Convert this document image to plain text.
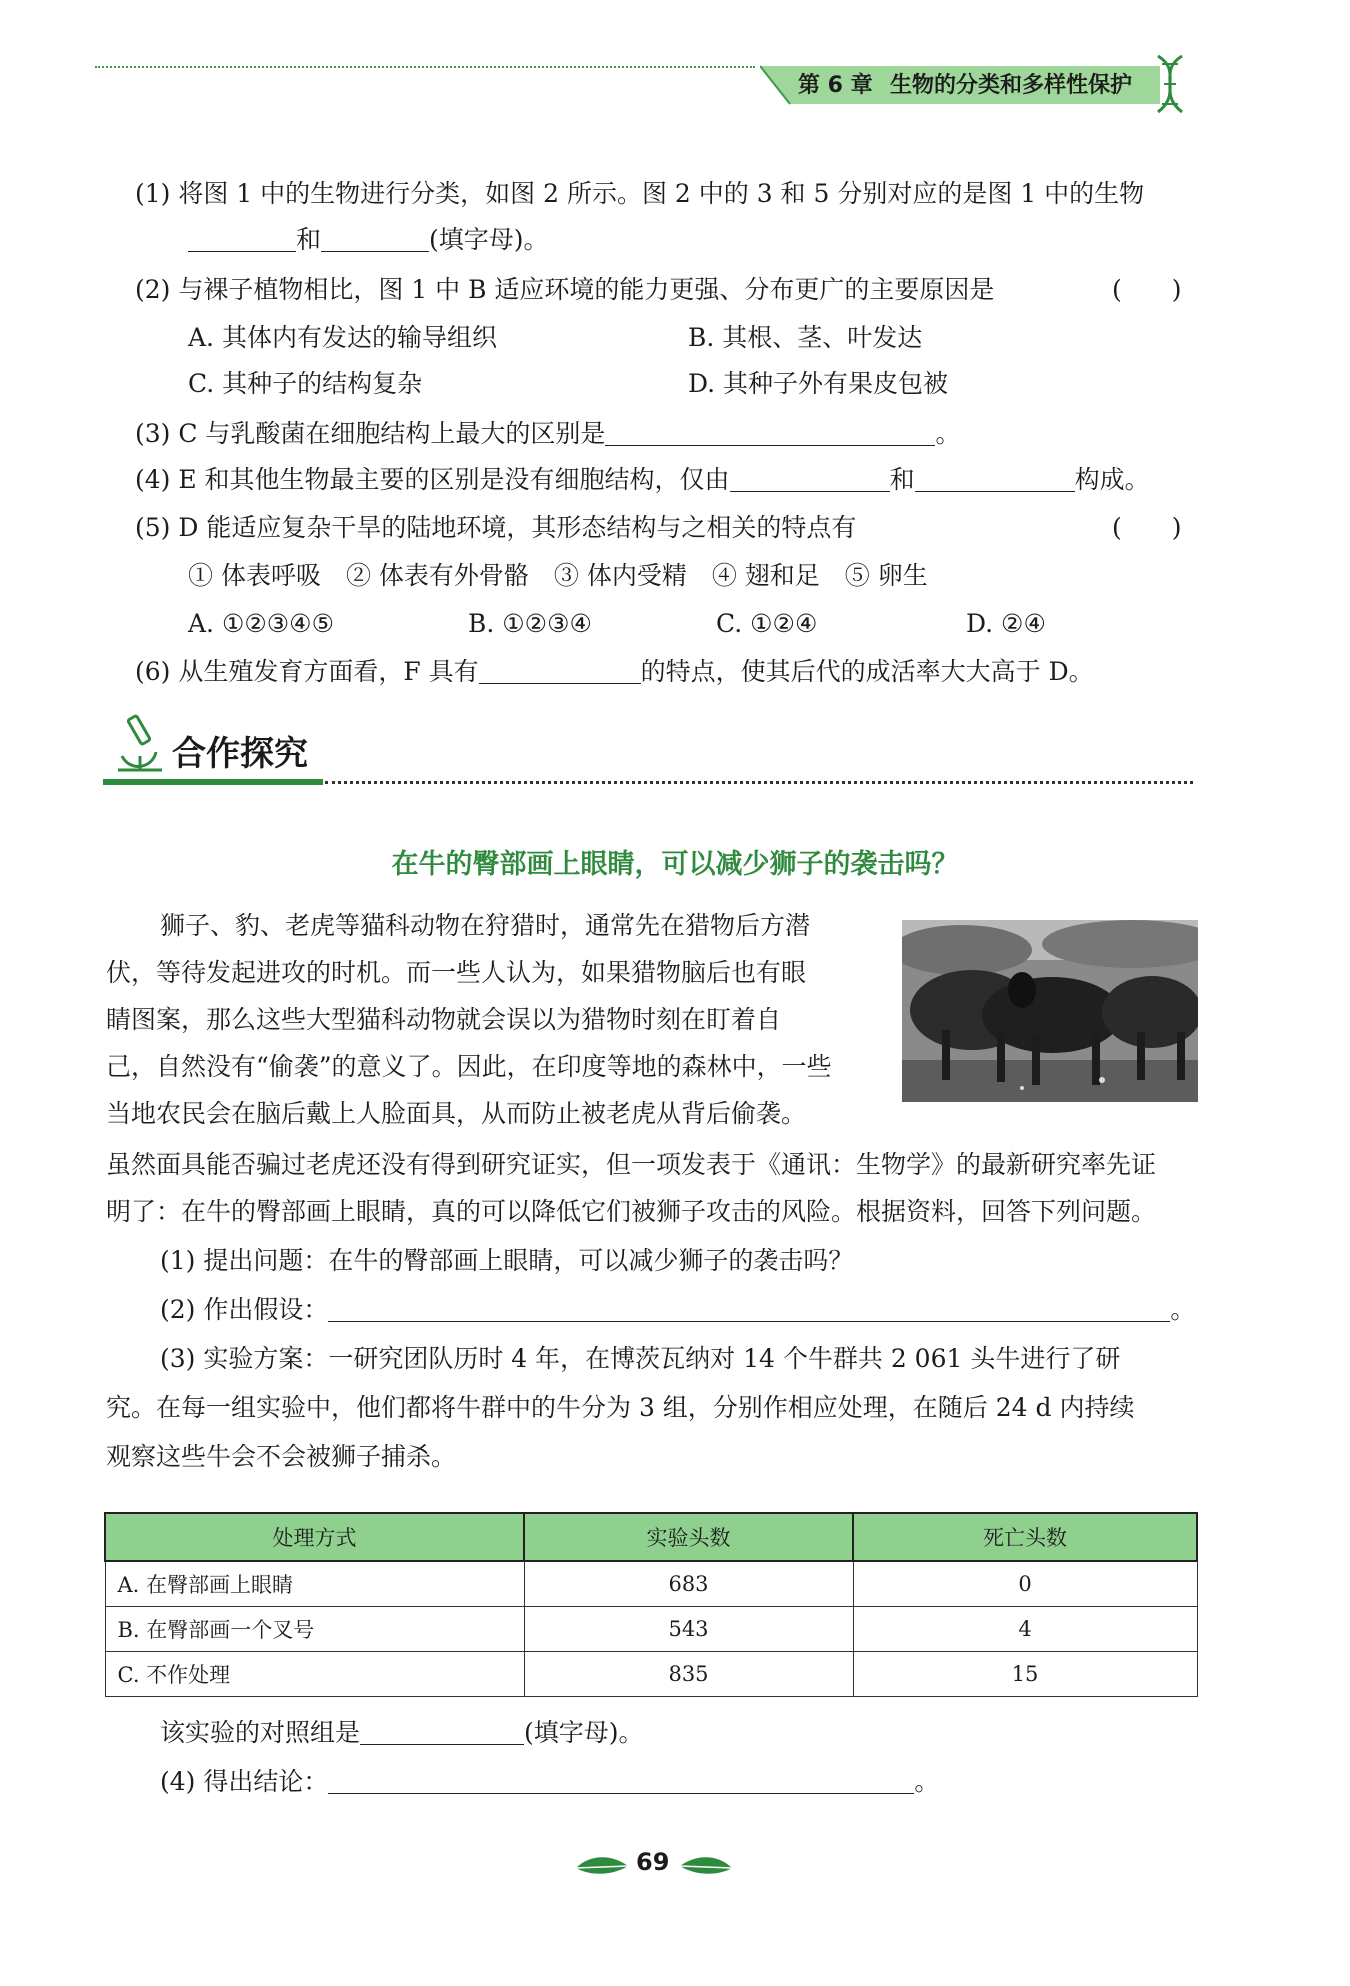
第 6 章 生物的分类和多样性保护
(1) 将图 1 中的生物进行分类，如图 2 所示。图 2 中的 3 和 5 分别对应的是图 1 中的生物
和	(填字母)。
(2) 与裸子植物相比，图 1 中 B 适应环境的能力更强、分布更广的主要原因是	(　　)
A. 其体内有发达的输导组织	B. 其根、茎、叶发达
C. 其种子的结构复杂	D. 其种子外有果皮包被
(3) C 与乳酸菌在细胞结构上最大的区别是	。
(4) E 和其他生物最主要的区别是没有细胞结构，仅由	和	构成。
(5) D 能适应复杂干旱的陆地环境，其形态结构与之相关的特点有	(　　)
① 体表呼吸　② 体表有外骨骼　③ 体内受精　④ 翅和足　⑤ 卵生
A. ①②③④⑤	B. ①②③④	C. ①②④	D. ②④
(6) 从生殖发育方面看，F 具有	的特点，使其后代的成活率大大高于 D。
合作探究
在牛的臀部画上眼睛，可以减少狮子的袭击吗？
狮子、豹、老虎等猫科动物在狩猎时，通常先在猎物后方潜
伏，等待发起进攻的时机。而一些人认为，如果猎物脑后也有眼
睛图案，那么这些大型猫科动物就会误以为猎物时刻在盯着自
己，自然没有“偷袭”的意义了。因此，在印度等地的森林中，一些
当地农民会在脑后戴上人脸面具，从而防止被老虎从背后偷袭。
虽然面具能否骗过老虎还没有得到研究证实，但一项发表于《通讯：生物学》的最新研究率先证
明了：在牛的臀部画上眼睛，真的可以降低它们被狮子攻击的风险。根据资料，回答下列问题。
(1) 提出问题：在牛的臀部画上眼睛，可以减少狮子的袭击吗？
(2) 作出假设：	。
(3) 实验方案：一研究团队历时 4 年，在博茨瓦纳对 14 个牛群共 2 061 头牛进行了研
究。在每一组实验中，他们都将牛群中的牛分为 3 组，分别作相应处理，在随后 24 d 内持续
观察这些牛会不会被狮子捕杀。
处理方式	实验头数	死亡头数
A. 在臀部画上眼睛	683	0
B. 在臀部画一个叉号	543	4
C. 不作处理	835	15
该实验的对照组是	(填字母)。
(4) 得出结论：	。
69
